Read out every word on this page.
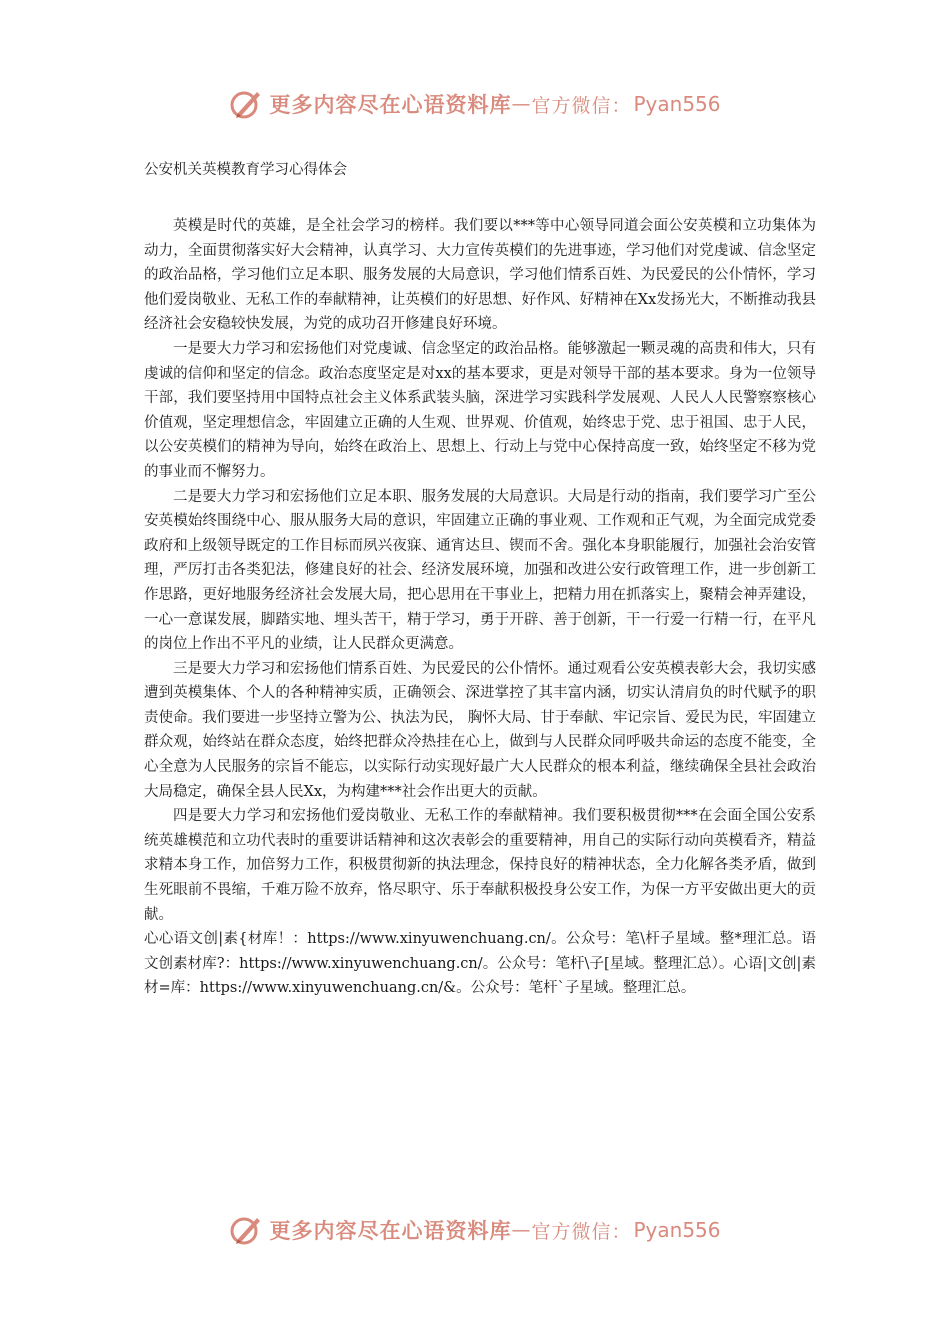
更多内容尽在心语资料库 — 官方微信： Pyan556
公安机关英模教育学习心得体会

英模是时代的英雄，是全社会学习的榜样。我们要以***等中心领导同道会面公安英模和立功集体为动力，全面贯彻落实好大会精神，认真学习、大力宣传英模们的先进事迹，学习他们对党虔诚、信念坚定的政治品格，学习他们立足本职、服务发展的大局意识，学习他们情系百姓、为民爱民的公仆情怀，学习他们爱岗敬业、无私工作的奉献精神，让英模们的好思想、好作风、好精神在Xx发扬光大，不断推动我县经济社会安稳较快发展，为党的成功召开修建良好环境。

一是要大力学习和宏扬他们对党虔诚、信念坚定的政治品格。能够激起一颗灵魂的高贵和伟大，只有虔诚的信仰和坚定的信念。政治态度坚定是对xx的基本要求，更是对领导干部的基本要求。身为一位领导干部，我们要坚持用中国特点社会主义体系武装头脑，深进学习实践科学发展观、人民人人民警察察核心价值观，坚定理想信念，牢固建立正确的人生观、世界观、价值观，始终忠于党、忠于祖国、忠于人民，以公安英模们的精神为导向，始终在政治上、思想上、行动上与党中心保持高度一致，始终坚定不移为党的事业而不懈努力。

二是要大力学习和宏扬他们立足本职、服务发展的大局意识。大局是行动的指南，我们要学习广至公安英模始终围绕中心、服从服务大局的意识，牢固建立正确的事业观、工作观和正气观，为全面完成党委政府和上级领导既定的工作目标而夙兴夜寐、通宵达旦、锲而不舍。强化本身职能履行，加强社会治安管理，严厉打击各类犯法，修建良好的社会、经济发展环境，加强和改进公安行政管理工作，进一步创新工作思路，更好地服务经济社会发展大局，把心思用在干事业上，把精力用在抓落实上，聚精会神弄建设，一心一意谋发展，脚踏实地、埋头苦干，精于学习，勇于开辟、善于创新，干一行爱一行精一行，在平凡的岗位上作出不平凡的业绩，让人民群众更满意。

三是要大力学习和宏扬他们情系百姓、为民爱民的公仆情怀。通过观看公安英模表彰大会，我切实感遭到英模集体、个人的各种精神实质，正确领会、深进掌控了其丰富内涵，切实认清肩负的时代赋予的职责使命。我们要进一步坚持立警为公、执法为民， 胸怀大局、甘于奉献、牢记宗旨、爱民为民，牢固建立群众观，始终站在群众态度，始终把群众冷热挂在心上，做到与人民群众同呼吸共命运的态度不能变，全心全意为人民服务的宗旨不能忘，以实际行动实现好最广大人民群众的根本利益，继续确保全县社会政治大局稳定，确保全县人民Xx，为构建***社会作出更大的贡献。

四是要大力学习和宏扬他们爱岗敬业、无私工作的奉献精神。我们要积极贯彻***在会面全国公安系统英雄模范和立功代表时的重要讲话精神和这次表彰会的重要精神，用自己的实际行动向英模看齐，精益求精本身工作，加倍努力工作，积极贯彻新的执法理念，保持良好的精神状态，全力化解各类矛盾，做到生死眼前不畏缩，千难万险不放弃，恪尽职守、乐于奉献积极投身公安工作，为保一方平安做出更大的贡献。

心心语文创|素{材库！：https://www.xinyuwenchuang.cn/。公众号：笔\杆子星域。整*理汇总。语文创素材库?：https://www.xinyuwenchuang.cn/。公众号：笔杆\子[星域。整理汇总）。心语|文创|素材=库：https://www.xinyuwenchuang.cn/&。公众号：笔杆`子星域。整理汇总。

更多内容尽在心语资料库 — 官方微信： Pyan556
